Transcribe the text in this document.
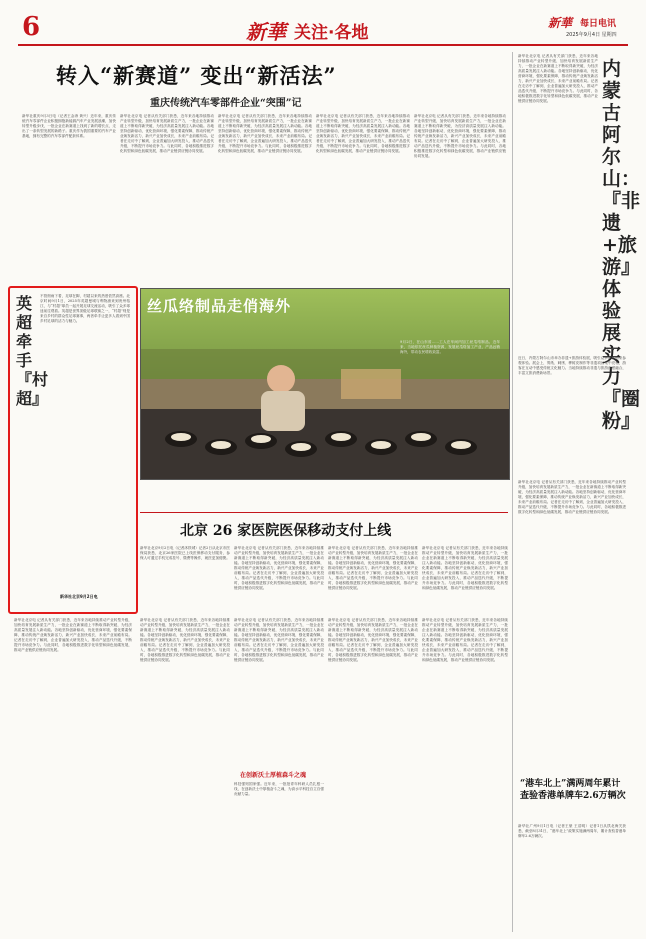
6	新華 关注·各地	新華 每日电讯
2025年9月4日 星期四
转入“新赛道” 变出“新活法”
重庆传统汽车零部件企业“突围”记
新华社重庆9月3日电（记者王金涛 黄兴）近年来，重庆传统汽车零部件企业积极拥抱新能源汽车产业发展浪潮，加快转型升级步伐，一批企业在新赛道上找到了新的增长点，走出了一条转型发展的新路子。重庆作为我国重要的汽车产业基地，拥有完整的汽车零部件配套体系。
新华社北京电 记者从有关部门获悉，近年来各地持续推动产业转型升级，加快培育发展新质生产力，一批企业在新赛道上不断取得新突破，为经济高质量发展注入新动能。各地坚持创新驱动，优化营商环境，强化要素保障，推动传统产业焕发新活力，新兴产业加快成长，未来产业前瞻布局。记者在走访中了解到，企业普遍加大研发投入，推动产品迭代升级，不断提升市场竞争力。与此同时，各地积极推进数字化转型和绿色低碳发展，推动产业链供应链协同发展。
新华社北京电 记者从有关部门获悉，近年来各地持续推动产业转型升级，加快培育发展新质生产力，一批企业在新赛道上不断取得新突破，为经济高质量发展注入新动能。各地坚持创新驱动，优化营商环境，强化要素保障，推动传统产业焕发新活力，新兴产业加快成长，未来产业前瞻布局。记者在走访中了解到，企业普遍加大研发投入，推动产品迭代升级，不断提升市场竞争力。与此同时，各地积极推进数字化转型和绿色低碳发展，推动产业链供应链协同发展。
新华社北京电 记者从有关部门获悉，近年来各地持续推动产业转型升级，加快培育发展新质生产力，一批企业在新赛道上不断取得新突破，为经济高质量发展注入新动能。各地坚持创新驱动，优化营商环境，强化要素保障，推动传统产业焕发新活力，新兴产业加快成长，未来产业前瞻布局。记者在走访中了解到，企业普遍加大研发投入，推动产品迭代升级，不断提升市场竞争力。与此同时，各地积极推进数字化转型和绿色低碳发展，推动产业链供应链协同发展。
新华社北京电 记者从有关部门获悉，近年来各地持续推动产业转型升级，加快培育发展新质生产力，一批企业在新赛道上不断取得新突破，为经济高质量发展注入新动能。各地坚持创新驱动，优化营商环境，强化要素保障，推动传统产业焕发新活力，新兴产业加快成长，未来产业前瞻布局。记者在走访中了解到，企业普遍加大研发投入，推动产品迭代升级，不断提升市场竞争力。与此同时，各地积极推进数字化转型和绿色低碳发展，推动产业链供应链协同发展。
新华社北京电 记者从有关部门获悉，近年来各地持续推动产业转型升级，加快培育发展新质生产力，一批企业在新赛道上不断取得新突破，为经济高质量发展注入新动能。各地坚持创新驱动，优化营商环境，强化要素保障，推动传统产业焕发新活力，新兴产业加快成长，未来产业前瞻布局。记者在走访中了解到，企业普遍加大研发投入，推动产品迭代升级，不断提升市场竞争力。与此同时，各地积极推进数字化转型和绿色低碳发展，推动产业链供应链协同发展。
内蒙古阿尔山：『非遗+旅游』体验展实力『圈粉』
近日，内蒙古阿尔山市举办非遗+旅游体验展，吸引众多游客前来参观体验。展会上，剪纸、刺绣、桦树皮制作等非遗项目集中亮相，游客在互动中感受传统文化魅力。当地持续推动非遗与旅游深度融合，丰富文旅消费新场景。
新华社北京电 记者从有关部门获悉，近年来各地持续推动产业转型升级，加快培育发展新质生产力，一批企业在新赛道上不断取得新突破，为经济高质量发展注入新动能。各地坚持创新驱动，优化营商环境，强化要素保障，推动传统产业焕发新活力，新兴产业加快成长，未来产业前瞻布局。记者在走访中了解到，企业普遍加大研发投入，推动产品迭代升级，不断提升市场竞争力。与此同时，各地积极推进数字化转型和绿色低碳发展，推动产业链供应链协同发展。
“港车北上”满两周年累计查验香港单牌车2.6万辆次
新华社广州9月1日电（记者王豪 王浩明）记者1日从拱北海关获悉，截至8月31日，“港车北上”政策实施满两周年，累计查验香港单牌车2.6万辆次。
英超牵手『村超』
不管细雨下着，足球在脚，村超以来的热度依然高涨。北京时间9月1日，2025年英超曼城与利物浦来到贵州榕江，与“村超”球员一起开展足球交流活动，吸引了众多球迷前往观看。英超是世界顶级足球联赛之一，“村超”则是来自乡村的群众性足球赛事，两者牵手让更多人看到中国乡村足球的活力与魅力。
新华社北京9月2日电
丝瓜络制品走俏海外
9月2日，在山东省……工人在车间内加工丝瓜络制品。近年来，当地依托丝瓜种植资源，发展丝瓜络加工产业，产品远销海外，带动农民增收致富。
北京 26 家医院医保移动支付上线
新华社北京9月2日电（记者沐铁城）记者2日从北京市医保局获悉，北京26家医院已上线医保移动支付服务，参保人可通过手机完成挂号、缴费等操作，就医更加便捷。
新华社北京电 记者从有关部门获悉，近年来各地持续推动产业转型升级，加快培育发展新质生产力，一批企业在新赛道上不断取得新突破，为经济高质量发展注入新动能。各地坚持创新驱动，优化营商环境，强化要素保障，推动传统产业焕发新活力，新兴产业加快成长，未来产业前瞻布局。记者在走访中了解到，企业普遍加大研发投入，推动产品迭代升级，不断提升市场竞争力。与此同时，各地积极推进数字化转型和绿色低碳发展，推动产业链供应链协同发展。
新华社北京电 记者从有关部门获悉，近年来各地持续推动产业转型升级，加快培育发展新质生产力，一批企业在新赛道上不断取得新突破，为经济高质量发展注入新动能。各地坚持创新驱动，优化营商环境，强化要素保障，推动传统产业焕发新活力，新兴产业加快成长，未来产业前瞻布局。记者在走访中了解到，企业普遍加大研发投入，推动产品迭代升级，不断提升市场竞争力。与此同时，各地积极推进数字化转型和绿色低碳发展，推动产业链供应链协同发展。
新华社北京电 记者从有关部门获悉，近年来各地持续推动产业转型升级，加快培育发展新质生产力，一批企业在新赛道上不断取得新突破，为经济高质量发展注入新动能。各地坚持创新驱动，优化营商环境，强化要素保障，推动传统产业焕发新活力，新兴产业加快成长，未来产业前瞻布局。记者在走访中了解到，企业普遍加大研发投入，推动产品迭代升级，不断提升市场竞争力。与此同时，各地积极推进数字化转型和绿色低碳发展，推动产业链供应链协同发展。
新华社北京电 记者从有关部门获悉，近年来各地持续推动产业转型升级，加快培育发展新质生产力，一批企业在新赛道上不断取得新突破，为经济高质量发展注入新动能。各地坚持创新驱动，优化营商环境，强化要素保障，推动传统产业焕发新活力，新兴产业加快成长，未来产业前瞻布局。记者在走访中了解到，企业普遍加大研发投入，推动产品迭代升级，不断提升市场竞争力。与此同时，各地积极推进数字化转型和绿色低碳发展，推动产业链供应链协同发展。
新华社北京电 记者从有关部门获悉，近年来各地持续推动产业转型升级，加快培育发展新质生产力，一批企业在新赛道上不断取得新突破，为经济高质量发展注入新动能。各地坚持创新驱动，优化营商环境，强化要素保障，推动传统产业焕发新活力，新兴产业加快成长，未来产业前瞻布局。记者在走访中了解到，企业普遍加大研发投入，推动产品迭代升级，不断提升市场竞争力。与此同时，各地积极推进数字化转型和绿色低碳发展，推动产业链供应链协同发展。
新华社北京电 记者从有关部门获悉，近年来各地持续推动产业转型升级，加快培育发展新质生产力，一批企业在新赛道上不断取得新突破，为经济高质量发展注入新动能。各地坚持创新驱动，优化营商环境，强化要素保障，推动传统产业焕发新活力，新兴产业加快成长，未来产业前瞻布局。记者在走访中了解到，企业普遍加大研发投入，推动产品迭代升级，不断提升市场竞争力。与此同时，各地积极推进数字化转型和绿色低碳发展，推动产业链供应链协同发展。
在创新沃土厚植森斗之魂
科技强则国家强。近年来，一批批青年科研人员扎根一线，在创新沃土中厚植奋斗之魂，为高水平科技自立自强贡献力量。
新华社北京电 记者从有关部门获悉，近年来各地持续推动产业转型升级，加快培育发展新质生产力，一批企业在新赛道上不断取得新突破，为经济高质量发展注入新动能。各地坚持创新驱动，优化营商环境，强化要素保障，推动传统产业焕发新活力，新兴产业加快成长，未来产业前瞻布局。记者在走访中了解到，企业普遍加大研发投入，推动产品迭代升级，不断提升市场竞争力。与此同时，各地积极推进数字化转型和绿色低碳发展，推动产业链供应链协同发展。
新华社北京电 记者从有关部门获悉，近年来各地持续推动产业转型升级，加快培育发展新质生产力，一批企业在新赛道上不断取得新突破，为经济高质量发展注入新动能。各地坚持创新驱动，优化营商环境，强化要素保障，推动传统产业焕发新活力，新兴产业加快成长，未来产业前瞻布局。记者在走访中了解到，企业普遍加大研发投入，推动产品迭代升级，不断提升市场竞争力。与此同时，各地积极推进数字化转型和绿色低碳发展，推动产业链供应链协同发展。
